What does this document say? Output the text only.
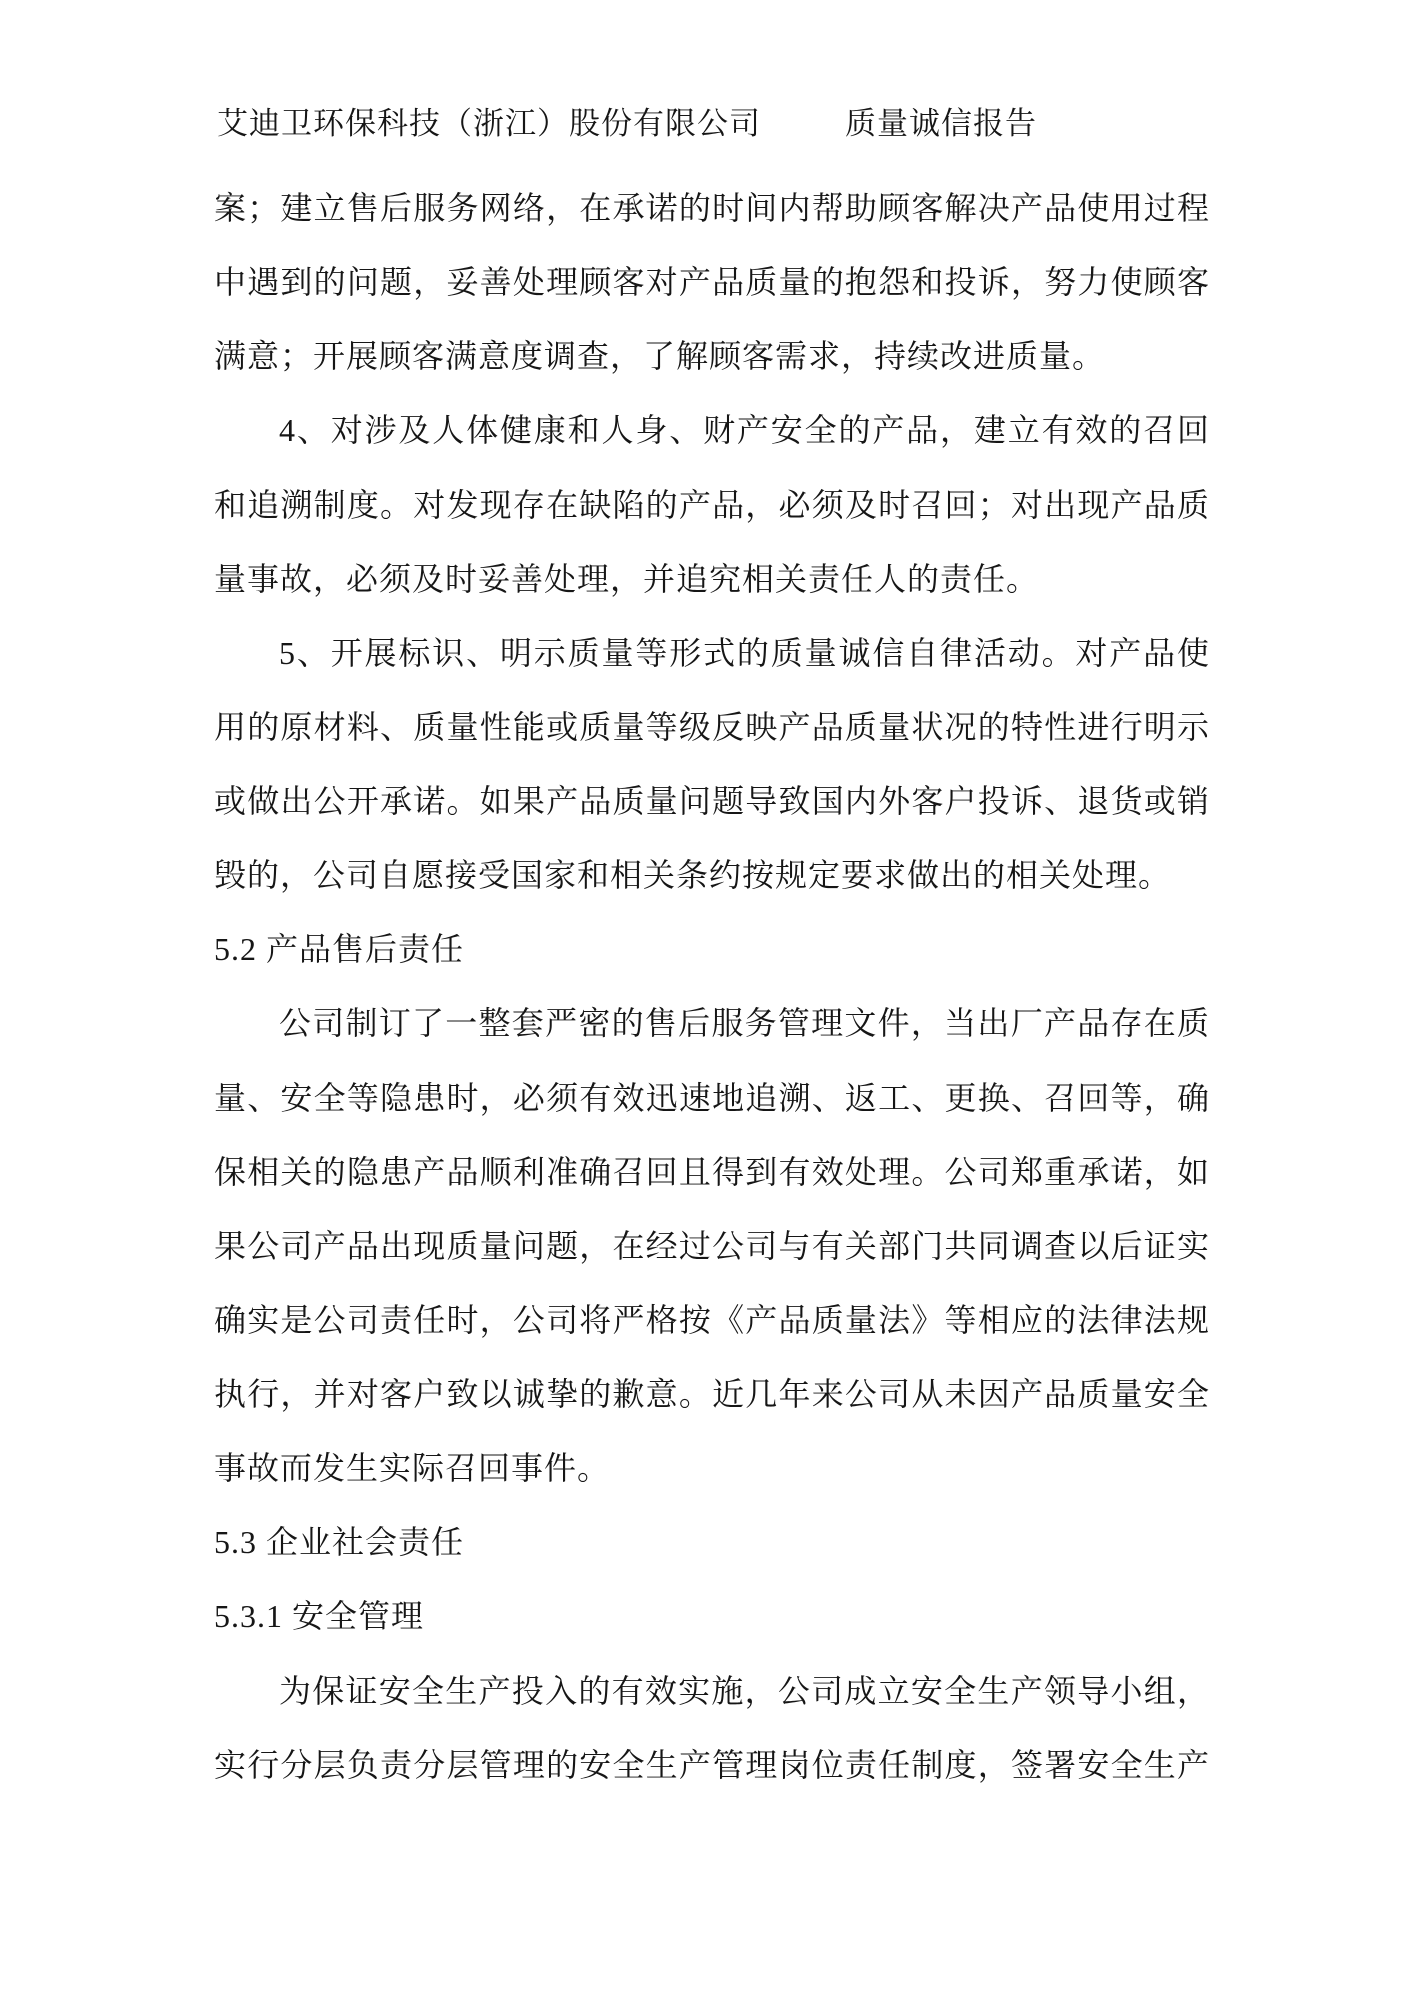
艾迪卫环保科技（浙江）股份有限公司	质量诚信报告
案；建立售后服务网络，在承诺的时间内帮助顾客解决产品使用过程
中遇到的问题，妥善处理顾客对产品质量的抱怨和投诉，努力使顾客
满意；开展顾客满意度调查，了解顾客需求，持续改进质量。
4、对涉及人体健康和人身、财产安全的产品，建立有效的召回
和追溯制度。对发现存在缺陷的产品，必须及时召回；对出现产品质
量事故，必须及时妥善处理，并追究相关责任人的责任。
5、开展标识、明示质量等形式的质量诚信自律活动。对产品使
用的原材料、质量性能或质量等级反映产品质量状况的特性进行明示
或做出公开承诺。如果产品质量问题导致国内外客户投诉、退货或销
毁的，公司自愿接受国家和相关条约按规定要求做出的相关处理。
5.2 产品售后责任
公司制订了一整套严密的售后服务管理文件，当出厂产品存在质
量、安全等隐患时，必须有效迅速地追溯、返工、更换、召回等，确
保相关的隐患产品顺利准确召回且得到有效处理。公司郑重承诺，如
果公司产品出现质量问题，在经过公司与有关部门共同调查以后证实
确实是公司责任时，公司将严格按《产品质量法》等相应的法律法规
执行，并对客户致以诚挚的歉意。近几年来公司从未因产品质量安全
事故而发生实际召回事件。
5.3 企业社会责任
5.3.1 安全管理
为保证安全生产投入的有效实施，公司成立安全生产领导小组，
实行分层负责分层管理的安全生产管理岗位责任制度，签署安全生产
